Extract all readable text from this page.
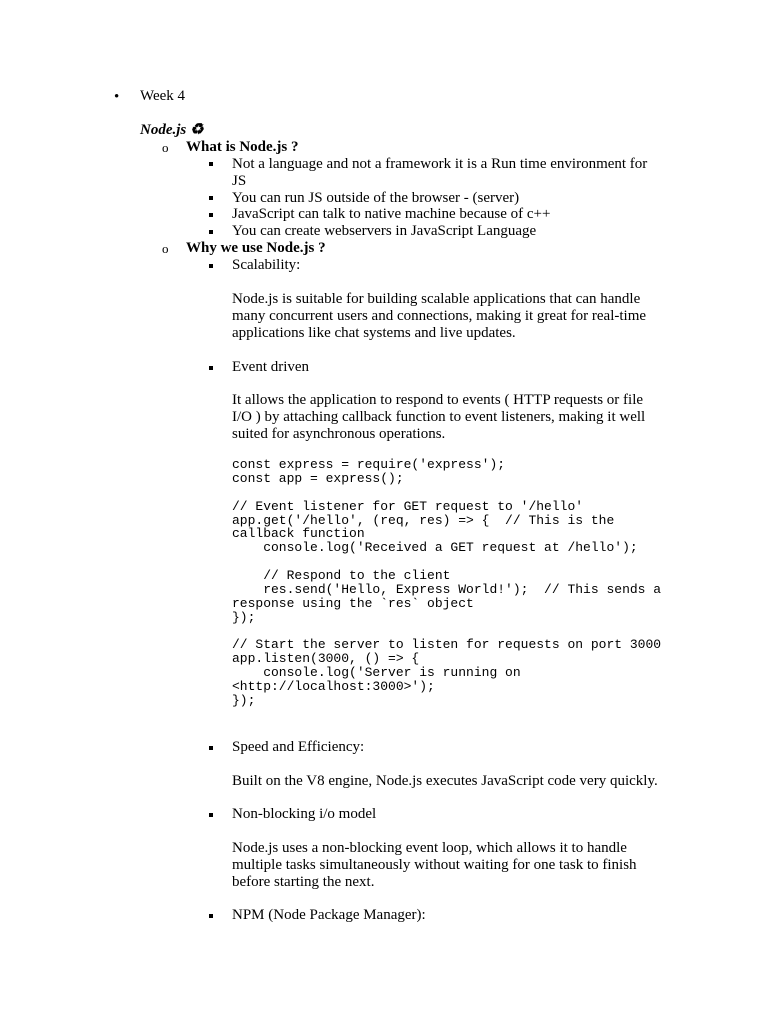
• Week 4
Node.js ♻
o What is Node.js ?
Not a language and not a framework it is a Run time environment for
JS
You can run JS outside of the browser - (server)
JavaScript can talk to native machine because of c++
You can create webservers in JavaScript Language
o Why we use Node.js ?
Scalability:
Node.js is suitable for building scalable applications that can handle
many concurrent users and connections, making it great for real-time
applications like chat systems and live updates.
Event driven
It allows the application to respond to events ( HTTP requests or file
I/O ) by attaching callback function to event listeners, making it well
suited for asynchronous operations.
const express = require('express');
const app = express();
// Event listener for GET request to '/hello'
app.get('/hello', (req, res) => {  // This is the
callback function
console.log('Received a GET request at /hello');
// Respond to the client
res.send('Hello, Express World!');  // This sends a
response using the `res` object
});
// Start the server to listen for requests on port 3000
app.listen(3000, () => {
console.log('Server is running on
<http://localhost:3000>');
});
Speed and Efficiency:
Built on the V8 engine, Node.js executes JavaScript code very quickly.
Non-blocking i/o model
Node.js uses a non-blocking event loop, which allows it to handle
multiple tasks simultaneously without waiting for one task to finish
before starting the next.
NPM (Node Package Manager):
